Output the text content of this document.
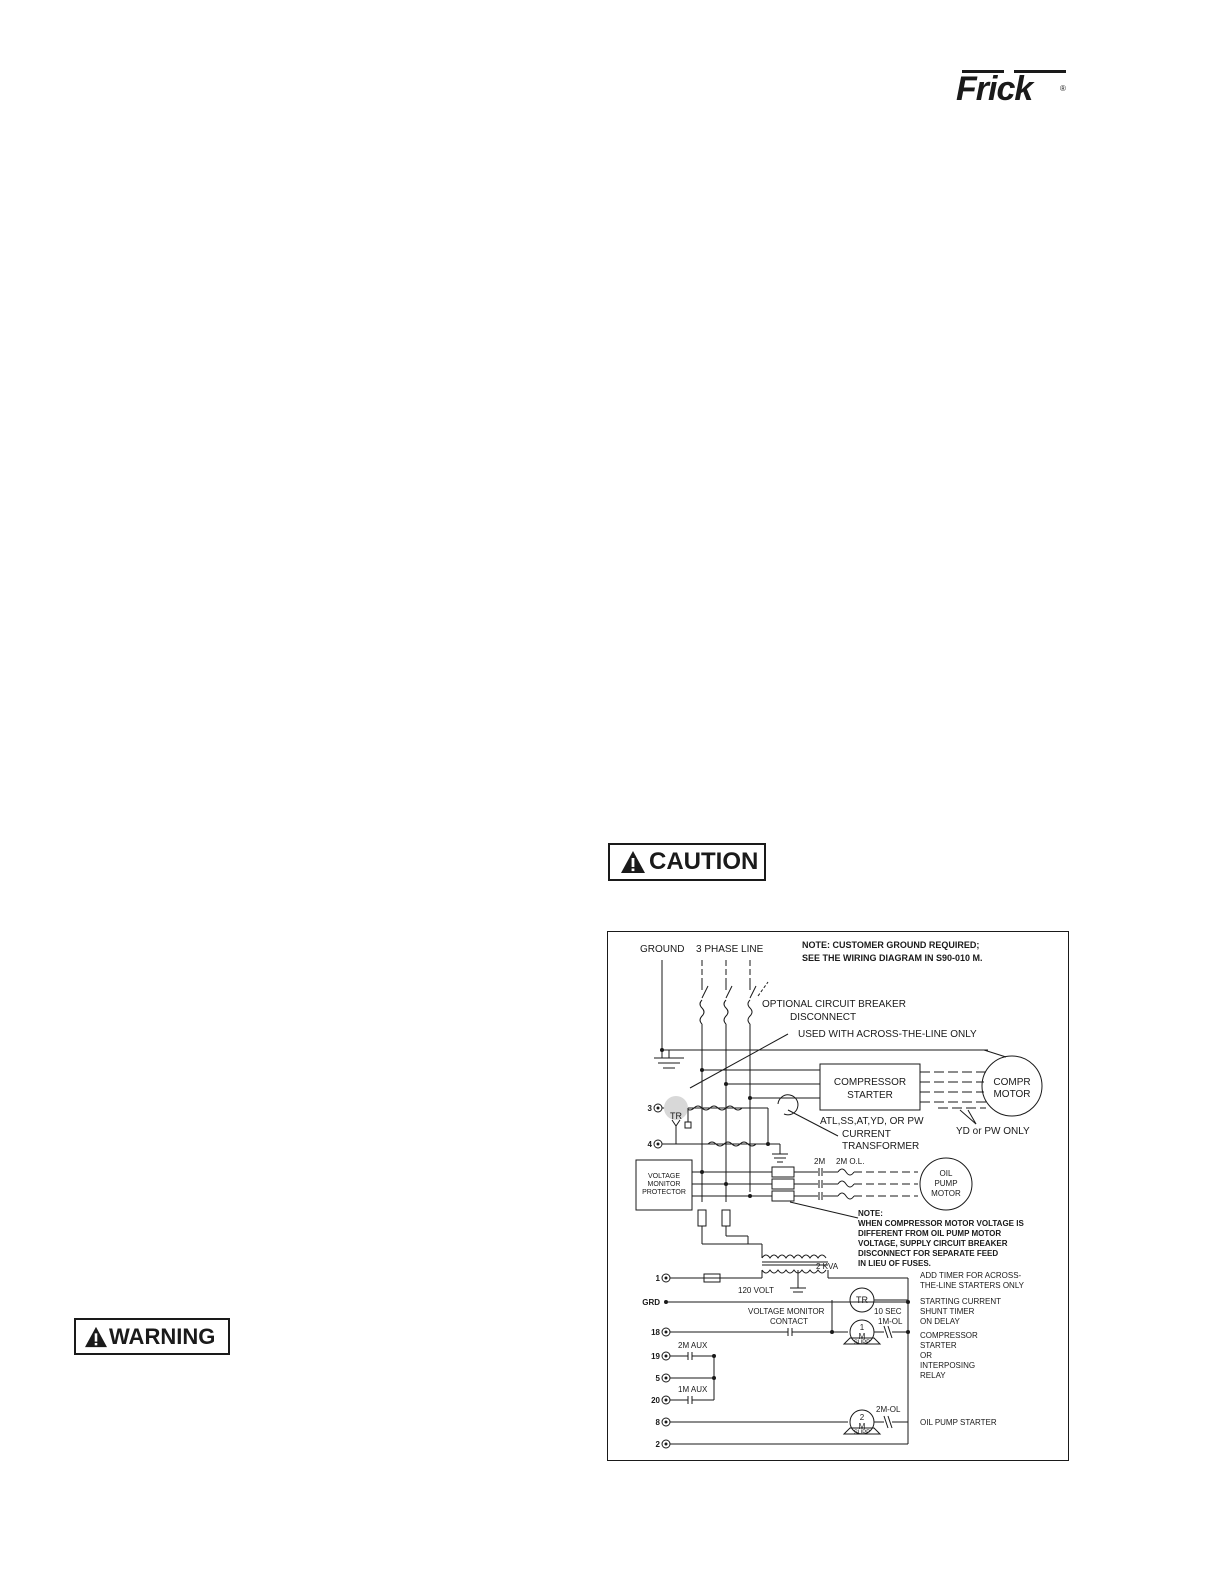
Frick	®
CAUTION
WARNING
GROUND 3 PHASE LINE	NOTE: CUSTOMER GROUND REQUIRED;
SEE THE WIRING DIAGRAM IN S90-010 M.
OPTIONAL CIRCUIT BREAKER
DISCONNECT
USED WITH ACROSS-THE-LINE ONLY
COMPRESSOR
STARTER
COMPR
MOTOR
ATL,SS,AT,YD, OR PW
YD or PW ONLY
CURRENT
TRANSFORMER
TR
VOLTAGE
MONITOR
PROTECTOR
2M 2M O.L.
OIL
PUMP
MOTOR
NOTE:
WHEN COMPRESSOR MOTOR VOLTAGE IS
DIFFERENT FROM OIL PUMP MOTOR
VOLTAGE, SUPPLY CIRCUIT BREAKER
DISCONNECT FOR SEPARATE FEED
IN LIEU OF FUSES.
2 KVA
120 VOLT
ADD TIMER FOR ACROSS-
THE-LINE STARTERS ONLY
TR	STARTING CURRENT
SHUNT TIMER
ON DELAY
VOLTAGE MONITOR
CONTACT
10 SEC
1M-OL
1
M
SUPP
COMPRESSOR
STARTER
OR
INTERPOSING
RELAY
2M AUX
1M AUX
2M-OL
2
M
SUPP
OIL PUMP STARTER
3
4
1
GRD
18
19
5
20
8
2
